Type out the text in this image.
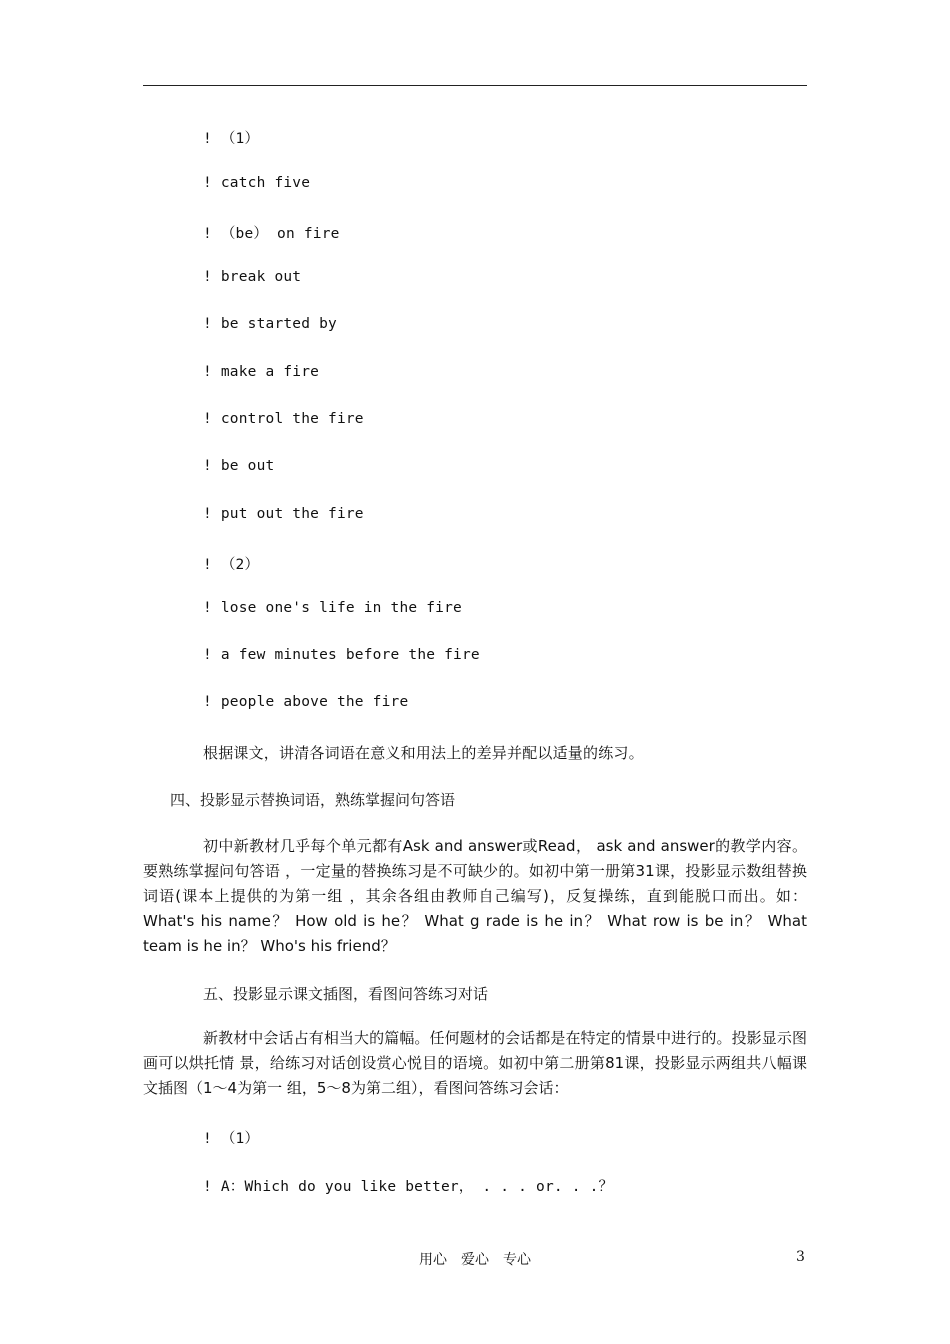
! （1）
! catch five
! （be） on fire
! break out
! be started by
! make a fire
! control the fire
! be out
! put out the fire
! （2）
! lose one's life in the fire
! a few minutes before the fire
! people above the fire
根据课文，讲清各词语在意义和用法上的差异并配以适量的练习。
四、投影显示替换词语，熟练掌握问句答语
初中新教材几乎每个单元都有Ask and answer或Read， ask and answer的教学内容。要熟练掌握问句答语 ，一定量的替换练习是不可缺少的。如初中第一册第31课，投影显示数组替换词语(课本上提供的为第一组 ，其余各组由教师自己编写)，反复操练，直到能脱口而出。如：What's his name？ How old is he？ What g rade is he in？ What row is be in？ What team is he in？ Who's his friend？
五、投影显示课文插图，看图问答练习对话
新教材中会话占有相当大的篇幅。任何题材的会话都是在特定的情景中进行的。投影显示图画可以烘托情 景，给练习对话创设赏心悦目的语境。如初中第二册第81课，投影显示两组共八幅课文插图（1～4为第一 组，5～8为第二组），看图问答练习会话：
! （1）
! A：Which do you like better， . . . or. . .？
用心　爱心　专心	3
